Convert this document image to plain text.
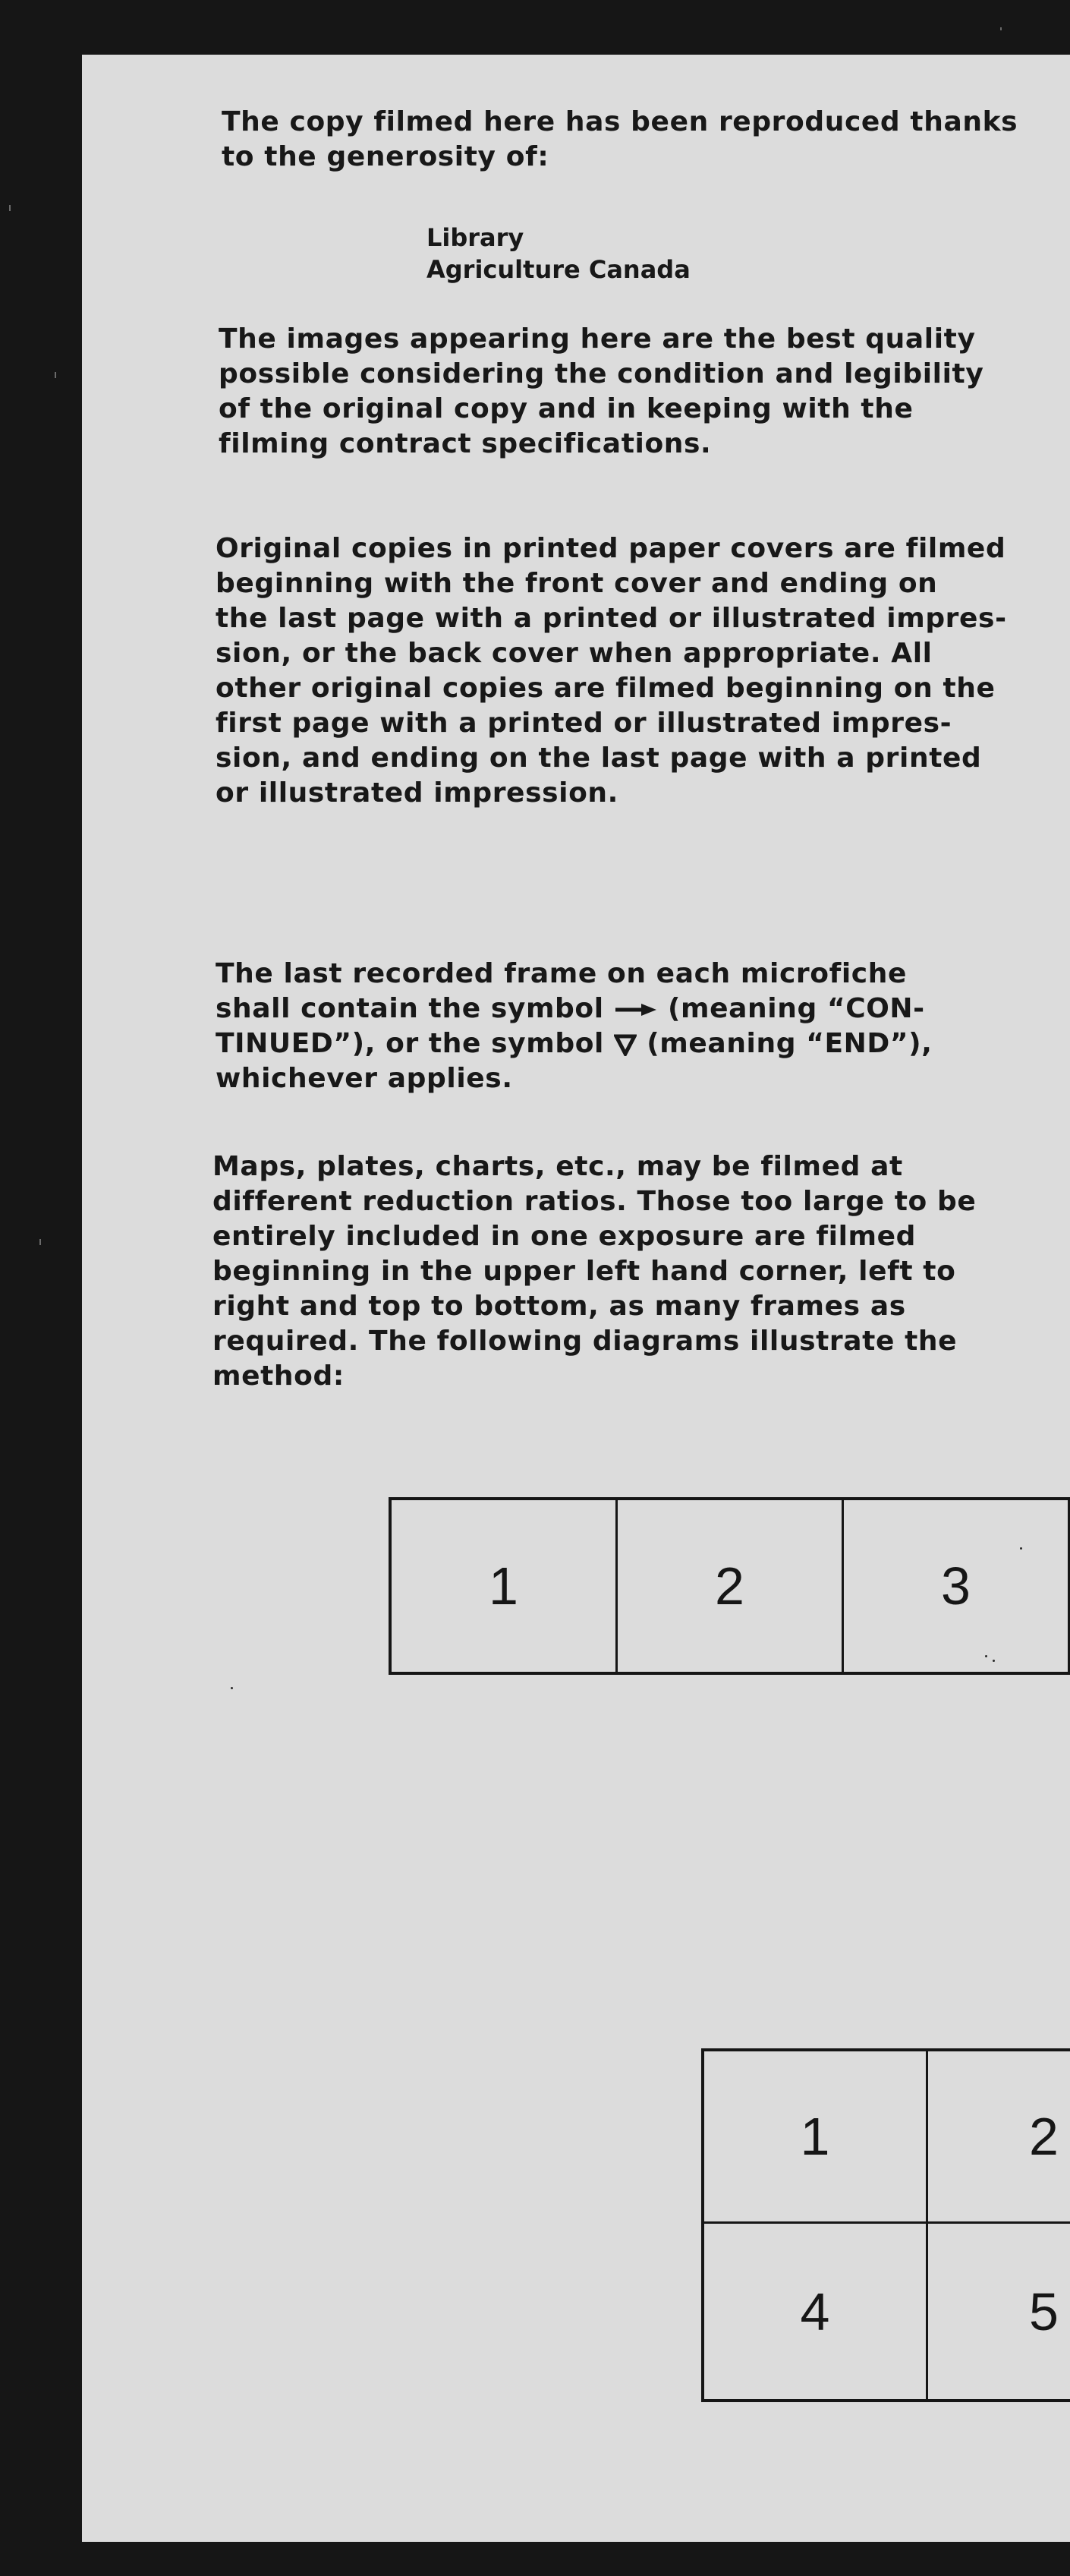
The copy filmed here has been reproduced thanks
to the generosity of:
Library
Agriculture Canada
The images appearing here are the best quality
possible considering the condition and legibility
of the original copy and in keeping with the
filming contract specifications.
Original copies in printed paper covers are filmed
beginning with the front cover and ending on
the last page with a printed or illustrated impres-
sion, or the back cover when appropriate. All
other original copies are filmed beginning on the
first page with a printed or illustrated impres-
sion, and ending on the last page with a printed
or illustrated impression.
The last recorded frame on each microfiche
shall contain the symbol  (meaning “CON-
TINUED”), or the symbol  (meaning “END”),
whichever applies.
Maps, plates, charts, etc., may be filmed at
different reduction ratios. Those too large to be
entirely included in one exposure are filmed
beginning in the upper left hand corner, left to
right and top to bottom, as many frames as
required. The following diagrams illustrate the
method:
1	2	3
1	2
4	5
